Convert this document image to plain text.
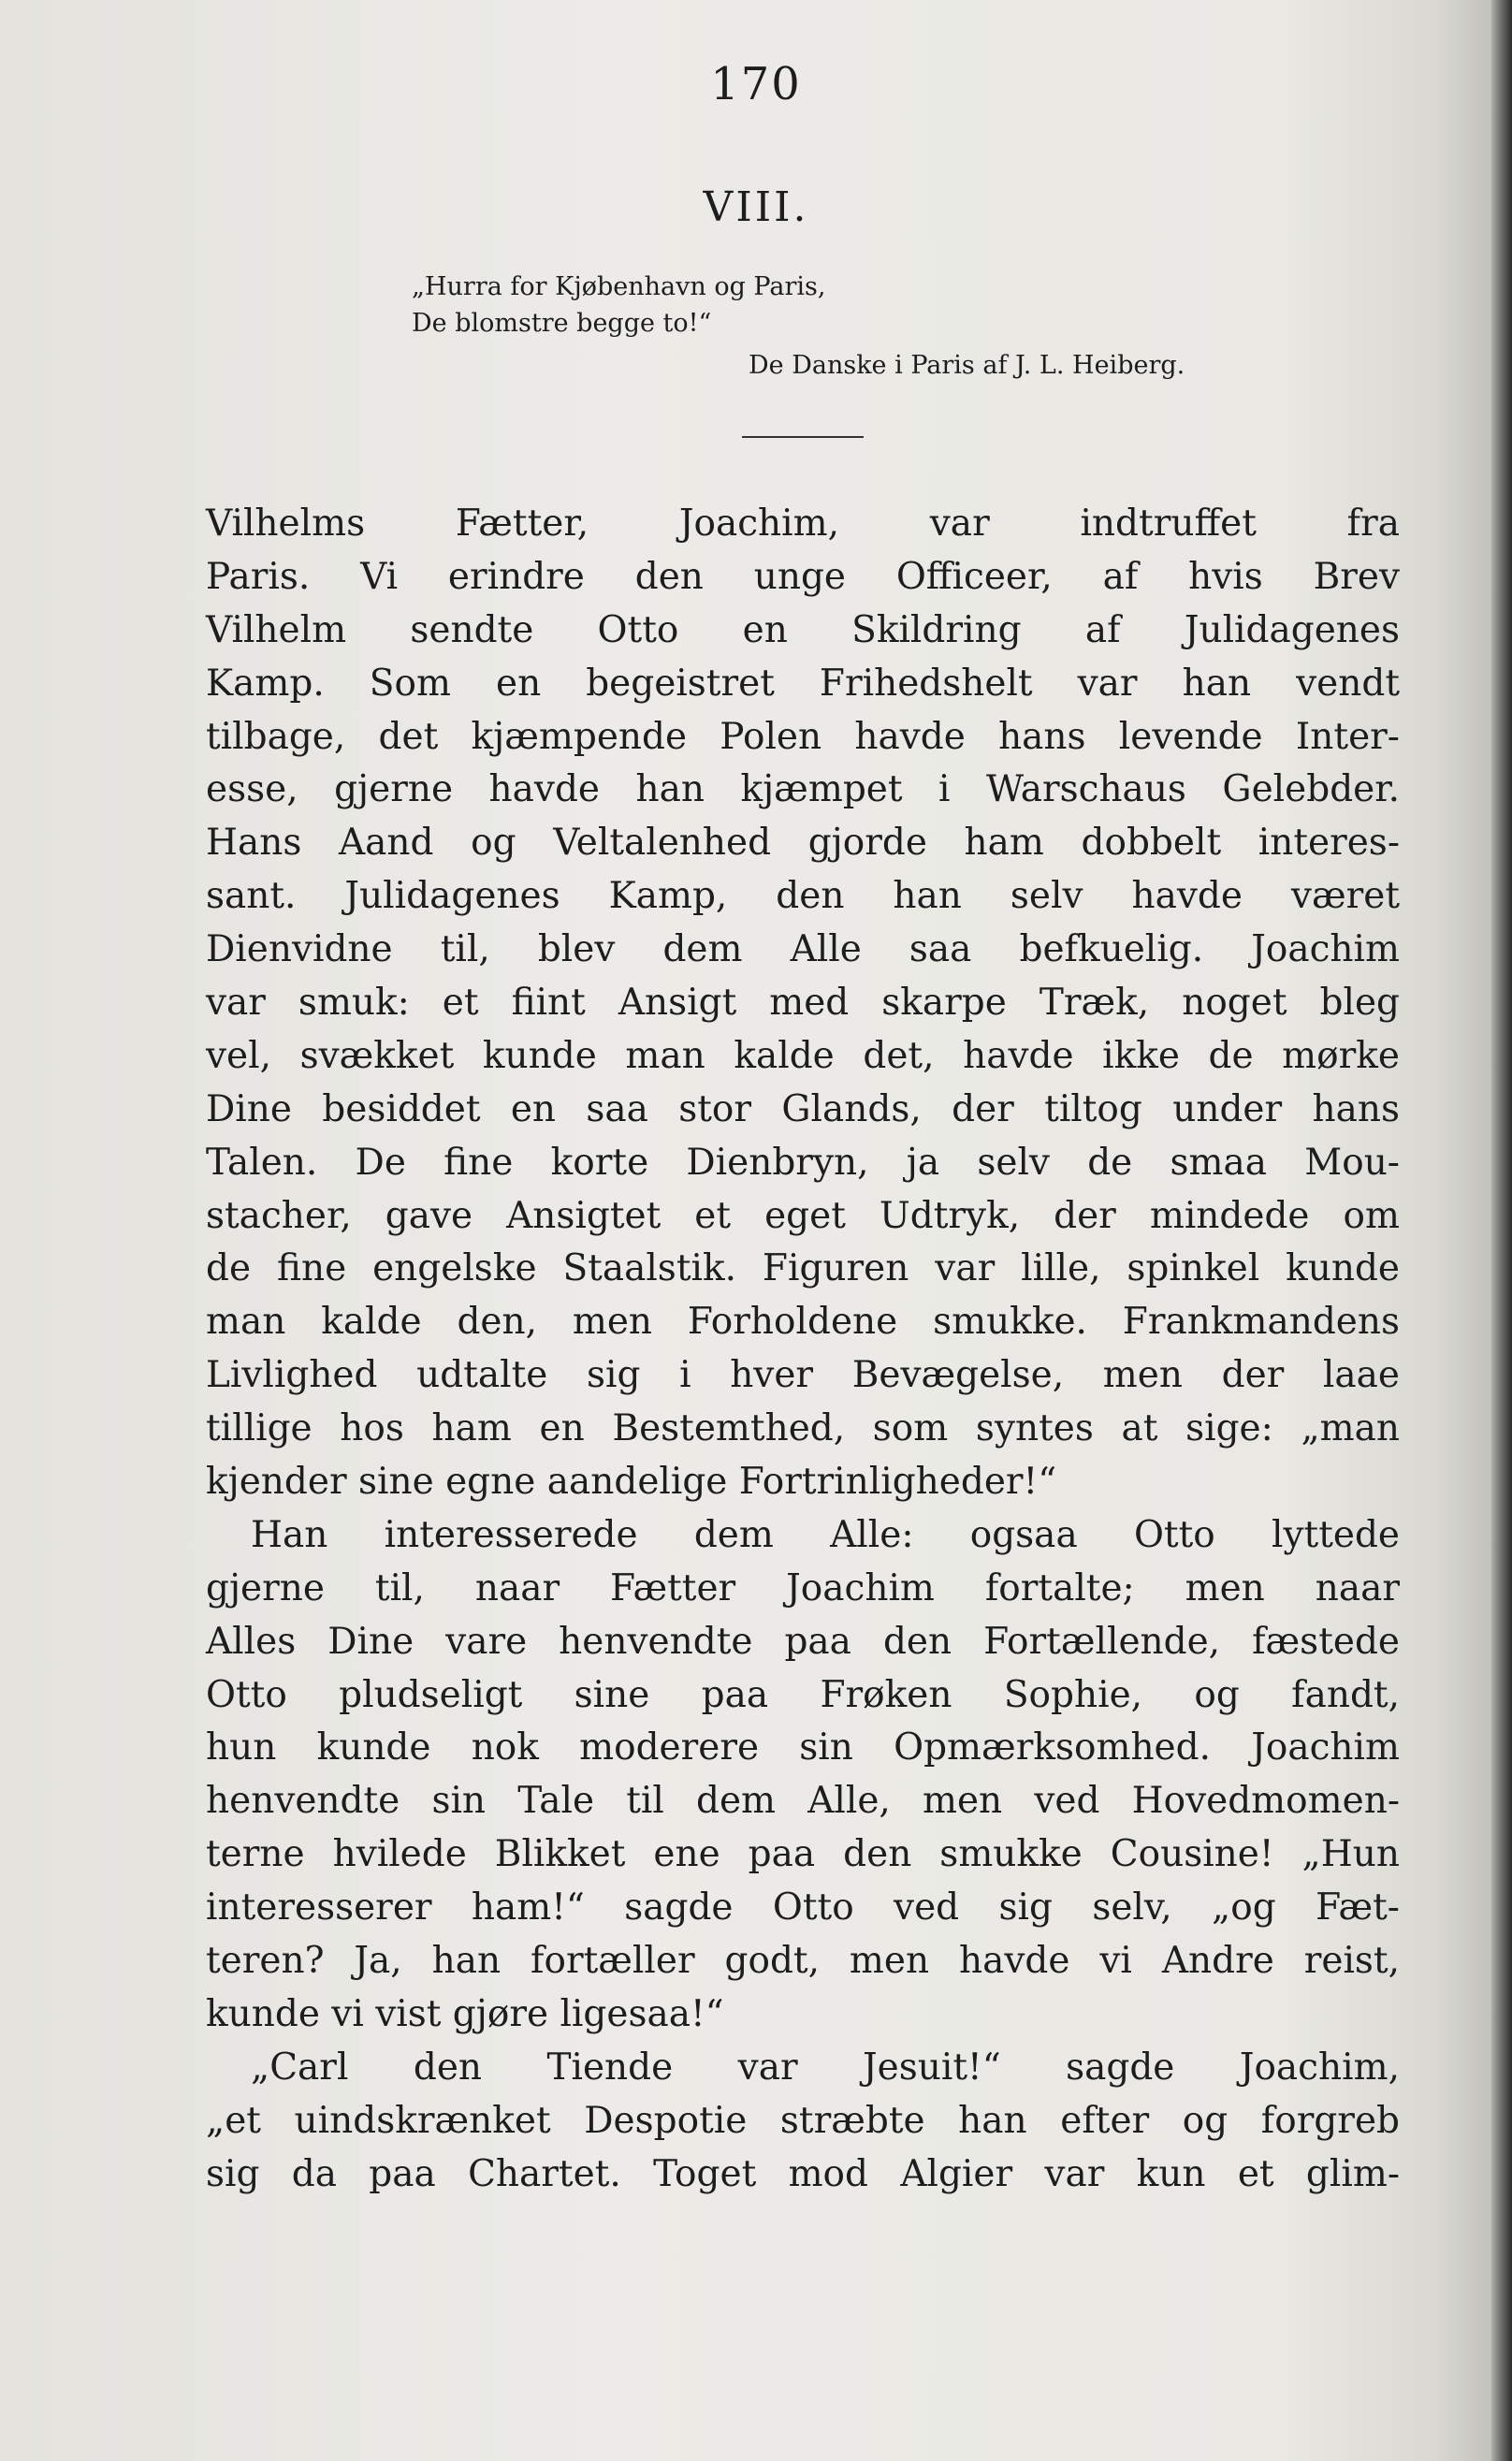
170
VIII.
„Hurra for Kjøbenhavn og Paris,
De blomstre begge to!“
De Danske i Paris af J. L. Heiberg.
Vilhelms Fætter, Joachim, var indtruffet fra
Paris. Vi erindre den unge Officeer, af hvis Brev
Vilhelm sendte Otto en Skildring af Julidagenes
Kamp. Som en begeistret Frihedshelt var han vendt
tilbage, det kjæmpende Polen havde hans levende Inter-
esse, gjerne havde han kjæmpet i Warschaus Gelebder.
Hans Aand og Veltalenhed gjorde ham dobbelt interes-
sant. Julidagenes Kamp, den han selv havde været
Dienvidne til, blev dem Alle saa befkuelig. Joachim
var smuk: et fiint Ansigt med skarpe Træk, noget bleg
vel, svækket kunde man kalde det, havde ikke de mørke
Dine besiddet en saa stor Glands, der tiltog under hans
Talen. De fine korte Dienbryn, ja selv de smaa Mou-
stacher, gave Ansigtet et eget Udtryk, der mindede om
de fine engelske Staalstik. Figuren var lille, spinkel kunde
man kalde den, men Forholdene smukke. Frankmandens
Livlighed udtalte sig i hver Bevægelse, men der laae
tillige hos ham en Bestemthed, som syntes at sige: „man
kjender sine egne aandelige Fortrinligheder!“
Han interesserede dem Alle: ogsaa Otto lyttede
gjerne til, naar Fætter Joachim fortalte; men naar
Alles Dine vare henvendte paa den Fortællende, fæstede
Otto pludseligt sine paa Frøken Sophie, og fandt,
hun kunde nok moderere sin Opmærksomhed. Joachim
henvendte sin Tale til dem Alle, men ved Hovedmomen-
terne hvilede Blikket ene paa den smukke Cousine! „Hun
interesserer ham!“ sagde Otto ved sig selv, „og Fæt-
teren? Ja, han fortæller godt, men havde vi Andre reist,
kunde vi vist gjøre ligesaa!“
„Carl den Tiende var Jesuit!“ sagde Joachim,
„et uindskrænket Despotie stræbte han efter og forgreb
sig da paa Chartet. Toget mod Algier var kun et glim-
